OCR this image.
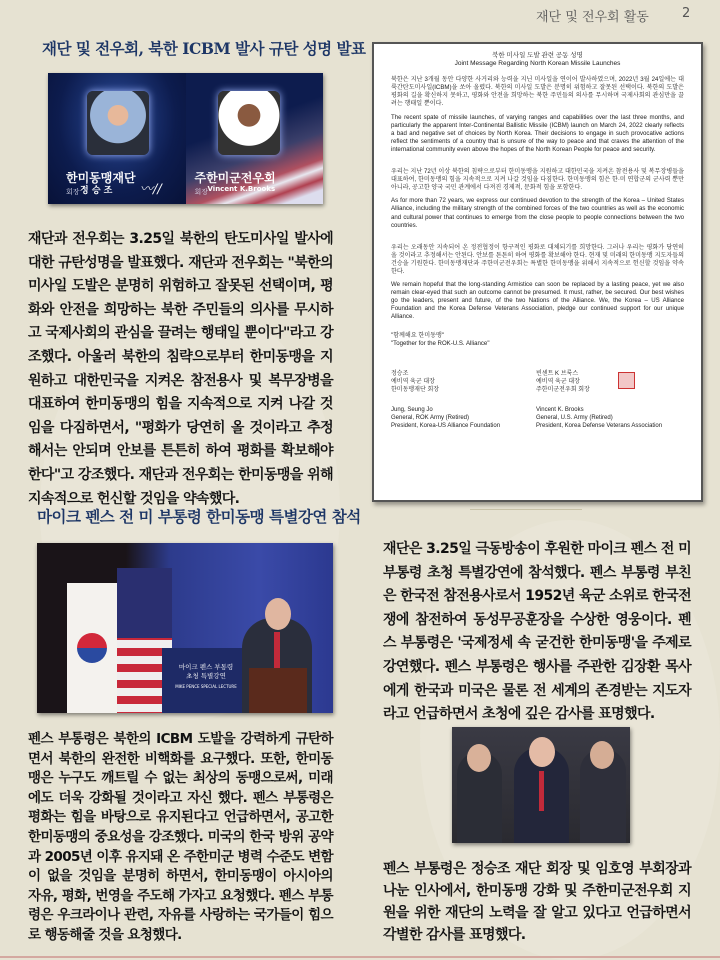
재단 및 전우회 활동	2
재단 및 전우회, 북한 ICBM 발사 규탄 성명 발표
한미동맹재단
회장 정 승 조 〰∕∕
주한미군전우회
회장 Vincent K.Brooks

재단과 전우회는 3.25일 북한의 탄도미사일 발사에 대한 규탄성명을 발표했다. 재단과 전우회는 "북한의 미사일 도발은 분명히 위험하고 잘못된 선택이며, 평화와 안전을 희망하는 북한 주민들의 의사를 무시하고 국제사회의 관심을 끌려는 행태일 뿐이다"라고 강조했다. 아울러 북한의 침략으로부터 한미동맹을 지원하고 대한민국을 지켜온 참전용사 및 복무장병을 대표하여 한미동맹의 힘을 지속적으로 지켜 나갈 것임을 다짐하면서, "평화가 당연히 올 것이라고 추정해서는 안되며 안보를 튼튼히 하여 평화를 확보해야 한다"고 강조했다. 재단과 전우회는 한미동맹을 위해 지속적으로 헌신할 것임을 약속했다.

북한 미사일 도발 관련 공동 성명
Joint Message Regarding North Korean Missile Launches

북한은 지난 3개월 동안 다양한 사거리와 능력을 지닌 미사일을 연이어 발사하였으며, 2022년 3월 24일에는 대륙간탄도미사일(ICBM)을 쏘아 올렸다. 북한의 미사일 도발은 분명히 위험하고 잘못된 선택이다. 북한의 도발은 평화의 길을 확신하지 못하고, 평화와 안전을 희망하는 북한 주민들의 의사를 무시하며 국제사회의 관심만을 끌려는 행태일 뿐이다.

The recent spate of missile launches, of varying ranges and capabilities over the last three months, and particularly the apparent Inter-Continental Ballistic Missile (ICBM) launch on March 24, 2022 clearly reflects a bad and negative set of choices by North Korea. Their decisions to engage in such provocative actions reflect the sentiments of a country that is unsure of the way to peace and that craves the attention of the international community even above the hopes of the North Korean People for peace and security.

우리는 지난 72년 이상 북한의 침략으로부터 한미동맹을 지원하고 대한민국을 지켜온 참전용사 및 복무장병들을 대표하여, 한미동맹의 힘을 지속적으로 지켜 나갈 것임을 다짐한다. 한미동맹의 힘은 한·미 연합군의 군사력 뿐만 아니라, 공고한 양국 국민 관계에서 다져진 경제적, 문화적 힘을 포함한다.

As for more than 72 years, we express our continued devotion to the strength of the Korea – United States Alliance, including the military strength of the combined forces of the two countries as well as the economic and cultural power that continues to emerge from the close people to people connections between the two countries.

우리는 오래동안 지속되어 온 정전협정이 항구적인 평화로 대체되기를 희망한다. 그러나 우리는 평화가 당연히 올 것이라고 추정해서는 안된다. 안보를 튼튼히 하여 평화를 확보해야 한다. 현재 및 미래의 한미동맹 지도자들의 건승을 기원한다. 한미동맹재단과 주한미군전우회는 특별한 한미동맹을 위해서 지속적으로 헌신할 것임을 약속한다.

We remain hopeful that the long-standing Armistice can soon be replaced by a lasting peace, yet we also remain clear-eyed that such an outcome cannot be presumed. It must, rather, be secured. Our best wishes go the leaders, present and future, of the two Nations of the Alliance. We, the Korea – US Alliance Foundation and the Korea Defense Veterans Association, pledge our continued support for our unique Alliance.

"함께해요 한미동맹"
"Together for the ROK-U.S. Alliance"
정승조
예비역 육군 대장
한미동맹재단 회장
Jung, Seung Jo
General, ROK Army (Retired)
President, Korea-US Alliance Foundation
빈센트 K 브룩스
예비역 육군 대장
주한미군전우회 회장
Vincent K. Brooks
General, U.S. Army (Retired)
President, Korea Defense Veterans Association
마이크 펜스 전 미 부통령 한미동맹 특별강연 참석
마이크 펜스 부통령
초청 특별강연
MIKE PENCE SPECIAL LECTURE

재단은 3.25일 극동방송이 후원한 마이크 펜스 전 미 부통령 초청 특별강연에 참석했다. 펜스 부통령 부친은 한국전 참전용사로서 1952년 육군 소위로 한국전쟁에 참전하여 동성무공훈장을 수상한 영웅이다. 펜스 부통령은 '국제정세 속 굳건한 한미동맹'을 주제로 강연했다. 펜스 부통령은 행사를 주관한 김장환 목사에게 한국과 미국은 물론 전 세계의 존경받는 지도자라고 언급하면서 초청에 깊은 감사를 표명했다.

펜스 부통령은 북한의 ICBM 도발을 강력하게 규탄하면서 북한의 완전한 비핵화를 요구했다. 또한, 한미동맹은 누구도 깨트릴 수 없는 최상의 동맹으로써, 미래에도 더욱 강화될 것이라고 자신 했다. 펜스 부통령은 평화는 힘을 바탕으로 유지된다고 언급하면서, 공고한 한미동맹의 중요성을 강조했다. 미국의 한국 방위 공약과 2005년 이후 유지돼 온 주한미군 병력 수준도 변함이 없을 것임을 분명히 하면서, 한미동맹이 아시아의 자유, 평화, 번영을 주도해 가자고 요청했다. 펜스 부통령은 우크라이나 관련, 자유를 사랑하는 국가들이 힘으로 행동해줄 것을 요청했다.

펜스 부통령은 정승조 재단 회장 및 임호영 부회장과 나눈 인사에서, 한미동맹 강화 및 주한미군전우회 지원을 위한 재단의 노력을 잘 알고 있다고 언급하면서 각별한 감사를 표명했다.
